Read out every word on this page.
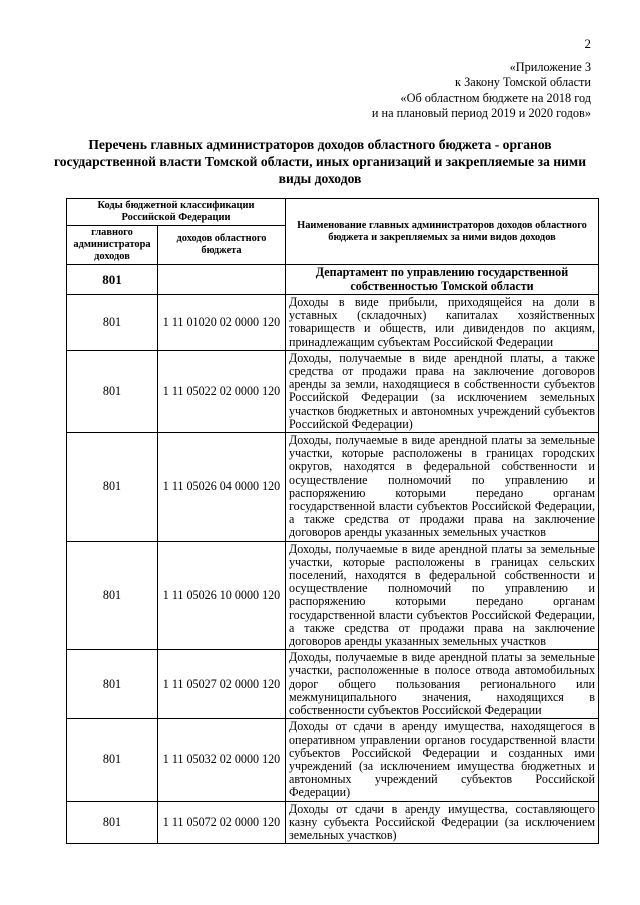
2
«Приложение 3
к Закону Томской области
«Об областном бюджете на 2018 год
и на плановый период 2019 и 2020 годов»
Перечень главных администраторов доходов областного бюджета - органов государственной власти Томской области, иных организаций и закрепляемые за ними виды доходов
Коды бюджетной классификации Российской Федерации		Наименование главных администраторов доходов областного бюджета и закрепляемых за ними видов доходов
главного администратора доходов	доходов областного бюджета	
801		Департамент по управлению государственной собственностью Томской области
801	1 11 01020 02 0000 120	Доходы в виде прибыли, приходящейся на доли в уставных (складочных) капиталах хозяйственных товариществ и обществ, или дивидендов по акциям, принадлежащим субъектам Российской Федерации
801	1 11 05022 02 0000 120	Доходы, получаемые в виде арендной платы, а также средства от продажи права на заключение договоров аренды за земли, находящиеся в собственности субъектов Российской Федерации (за исключением земельных участков бюджетных и автономных учреждений субъектов Российской Федерации)
801	1 11 05026 04 0000 120	Доходы, получаемые в виде арендной платы за земельные участки, которые расположены в границах городских округов, находятся в федеральной собственности и осуществление полномочий по управлению и распоряжению которыми передано органам государственной власти субъектов Российской Федерации, а также средства от продажи права на заключение договоров аренды указанных земельных участков
801	1 11 05026 10 0000 120	Доходы, получаемые в виде арендной платы за земельные участки, которые расположены в границах сельских поселений, находятся в федеральной собственности и осуществление полномочий по управлению и распоряжению которыми передано органам государственной власти субъектов Российской Федерации, а также средства от продажи права на заключение договоров аренды указанных земельных участков
801	1 11 05027 02 0000 120	Доходы, получаемые в виде арендной платы за земельные участки, расположенные в полосе отвода автомобильных дорог общего пользования регионального или межмуниципального значения, находящихся в собственности субъектов Российской Федерации
801	1 11 05032 02 0000 120	Доходы от сдачи в аренду имущества, находящегося в оперативном управлении органов государственной власти субъектов Российской Федерации и созданных ими учреждений (за исключением имущества бюджетных и автономных учреждений субъектов Российской Федерации)
801	1 11 05072 02 0000 120	Доходы от сдачи в аренду имущества, составляющего казну субъекта Российской Федерации (за исключением земельных участков)
